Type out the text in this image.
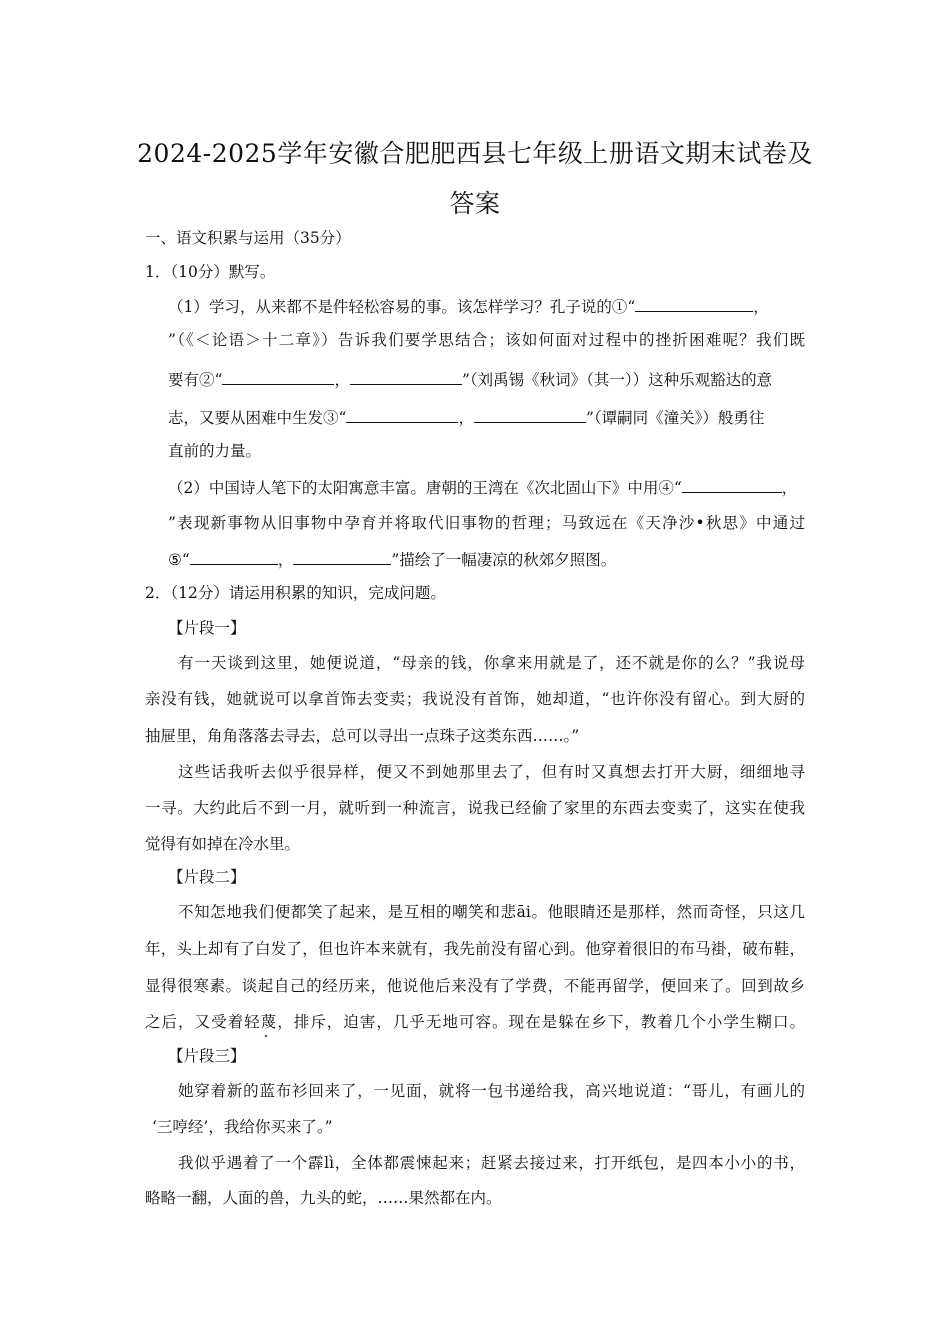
2024-2025学年安徽合肥肥西县七年级上册语文期末试卷及
答案
一、语文积累与运用（35分）
1．（10分）默写。
（1）学习，从来都不是件轻松容易的事。该怎样学习？孔子说的①“	，
”（《＜论语＞十二章》）告诉我们要学思结合；该如何面对过程中的挫折困难呢？我们既
要有②“	，	”（刘禹锡《秋词》（其一））这种乐观豁达的意
志，又要从困难中生发③“	，	”（谭嗣同《潼关》）般勇往
直前的力量。
（2）中国诗人笔下的太阳寓意丰富。唐朝的王湾在《次北固山下》中用④“	，
”表现新事物从旧事物中孕育并将取代旧事物的哲理；马致远在《天净沙•秋思》中通过
⑤“	，	”描绘了一幅凄凉的秋郊夕照图。
2．（12分）请运用积累的知识，完成问题。
【片段一】
有一天谈到这里，她便说道，“母亲的钱，你拿来用就是了，还不就是你的么？”我说母
亲没有钱，她就说可以拿首饰去变卖；我说没有首饰，她却道，“也许你没有留心。到大厨的
抽屉里，角角落落去寻去，总可以寻出一点珠子这类东西……。”
这些话我听去似乎很异样，便又不到她那里去了，但有时又真想去打开大厨，细细地寻
一寻。大约此后不到一月，就听到一种流言，说我已经偷了家里的东西去变卖了，这实在使我
觉得有如掉在冷水里。
【片段二】
不知怎地我们便都笑了起来，是互相的嘲笑和悲āi。他眼睛还是那样，然而奇怪，只这几
年，头上却有了白发了，但也许本来就有，我先前没有留心到。他穿着很旧的布马褂，破布鞋，
显得很寒素。谈起自己的经历来，他说他后来没有了学费，不能再留学，便回来了。回到故乡
之后，又受着轻蔑，排斥，迫害，几乎无地可容。现在是躲在乡下，教着几个小学生糊口。
【片段三】
她穿着新的蓝布衫回来了，一见面，就将一包书递给我，高兴地说道：“哥儿，有画儿的
‘三哼经’，我给你买来了。”
我似乎遇着了一个霹lì，全体都震悚起来；赶紧去接过来，打开纸包，是四本小小的书，
略略一翻，人面的兽，九头的蛇，……果然都在内。
